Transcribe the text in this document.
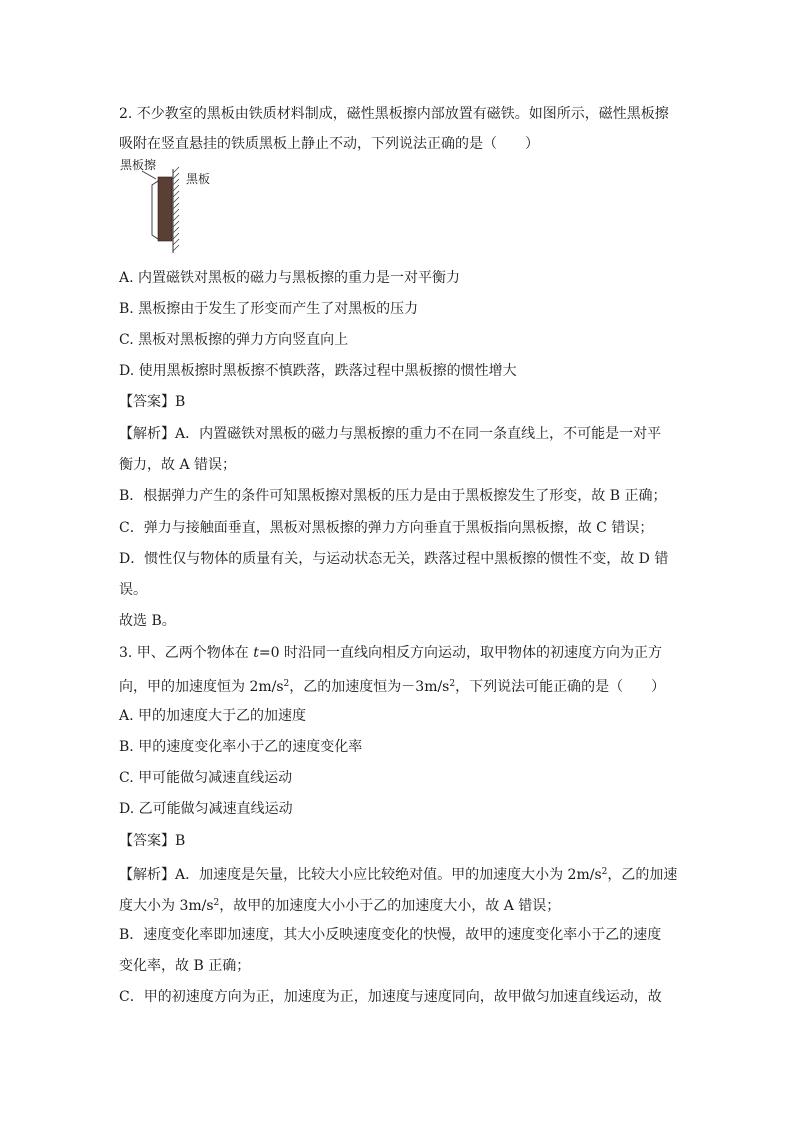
2. 不少教室的黑板由铁质材料制成，磁性黑板擦内部放置有磁铁。如图所示，磁性黑板擦
吸附在竖直悬挂的铁质黑板上静止不动，下列说法正确的是（　　）
黑板擦
黑板
A. 内置磁铁对黑板的磁力与黑板擦的重力是一对平衡力
B. 黑板擦由于发生了形变而产生了对黑板的压力
C. 黑板对黑板擦的弹力方向竖直向上
D. 使用黑板擦时黑板擦不慎跌落，跌落过程中黑板擦的惯性增大
【答案】B
【解析】A．内置磁铁对黑板的磁力与黑板擦的重力不在同一条直线上，不可能是一对平
衡力，故 A 错误；
B．根据弹力产生的条件可知黑板擦对黑板的压力是由于黑板擦发生了形变，故 B 正确；
C．弹力与接触面垂直，黑板对黑板擦的弹力方向垂直于黑板指向黑板擦，故 C 错误；
D．惯性仅与物体的质量有关，与运动状态无关，跌落过程中黑板擦的惯性不变，故 D 错
误。
故选 B。
3. 甲、乙两个物体在 t=0 时沿同一直线向相反方向运动，取甲物体的初速度方向为正方
向，甲的加速度恒为 $2m/s^2$，乙的加速度恒为$-3m/s^2$，下列说法可能正确的是（　　）
A. 甲的加速度大于乙的加速度
B. 甲的速度变化率小于乙的速度变化率
C. 甲可能做匀减速直线运动
D. 乙可能做匀减速直线运动
【答案】B
【解析】A．加速度是矢量，比较大小应比较绝对值。甲的加速度大小为 $2m/s^2$，乙的加速
度大小为 $3m/s^2$，故甲的加速度大小小于乙的加速度大小，故 A 错误；
B．速度变化率即加速度，其大小反映速度变化的快慢，故甲的速度变化率小于乙的速度
变化率，故 B 正确；
C．甲的初速度方向为正，加速度为正，加速度与速度同向，故甲做匀加速直线运动，故
